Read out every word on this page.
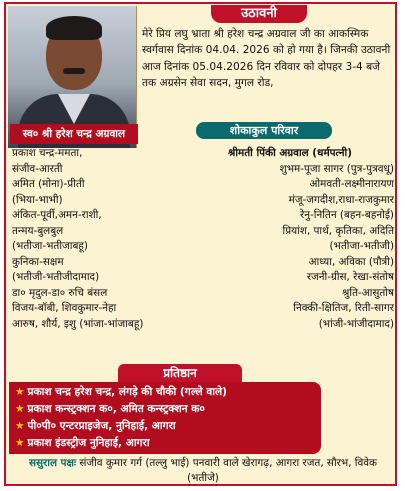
स्व० श्री हरेश चन्द्र अग्रवाल
उठावनी

मेरे प्रिय लघु भ्राता श्री हरेश चन्द्र अग्रवाल जी का आकस्मिक स्वर्गवास दिनांक 04.04. 2026 को हो गया है। जिनकी उठावनी आज दिनांक 05.04.2026 दिन रविवार को दोपहर 3-4 बजे तक अग्रसेन सेवा सदन, मुगल रोड,

शोकाकुल परिवार
प्रकाश चन्द्र-ममता,
संजीव-आरती
अमित (मोना)-प्रीती
(भिया-भाभी)
अंकित-पूर्वी,अमन-राशी,
तन्मय-बुलबुल
(भतीजा-भतीजाबहू)
कुनिका-सक्षम
(भतीजी-भतीजीदामाद)
डा० मृदुल-डा० रुचि बंसल
विजय-बॉबी, शिवकुमार-नेहा
आरुष, शौर्य, इशु (भांजा-भांजाबहू)
श्रीमती पिंकी अग्रवाल (धर्मपत्नी)
शुभम-पूजा सागर (पुत्र-पुत्रवधू)
ओमवती-लक्ष्मीनारायण
मंजू-जगदीश,राधा-राजकुमार
रेनु-नितिन (बहन-बहनोई)
प्रियांश, पार्थ, कृतिका, अदिति
(भतीजा-भतीजी)
आध्या, अविका (पौत्री)
रजनी-ग्रीस, रेखा-संतोष
श्रुति-आसुतोष
निक्की-क्षितिज, रिती-सागर
(भांजी-भांजीदामाद)
प्रतिष्ठान
★ प्रकाश चन्द्र हरेश चन्द्र, लंगड़े की चौकी (गल्ले वाले)
★ प्रकाश कन्स्ट्रक्शन क०, अमित कन्स्ट्रक्शन क०
★ पी०पी० एन्टरप्राइजेज, नुनिहाई, आगरा
★ प्रकाश इंडस्ट्रीज नुनिहाई, आगरा
ससुराल पक्षः संजीव कुमार गर्ग (तल्लु भाई) पनवारी वाले खेरागढ़, आगरा रजत, सौरभ, विवेक (भतीजे)
